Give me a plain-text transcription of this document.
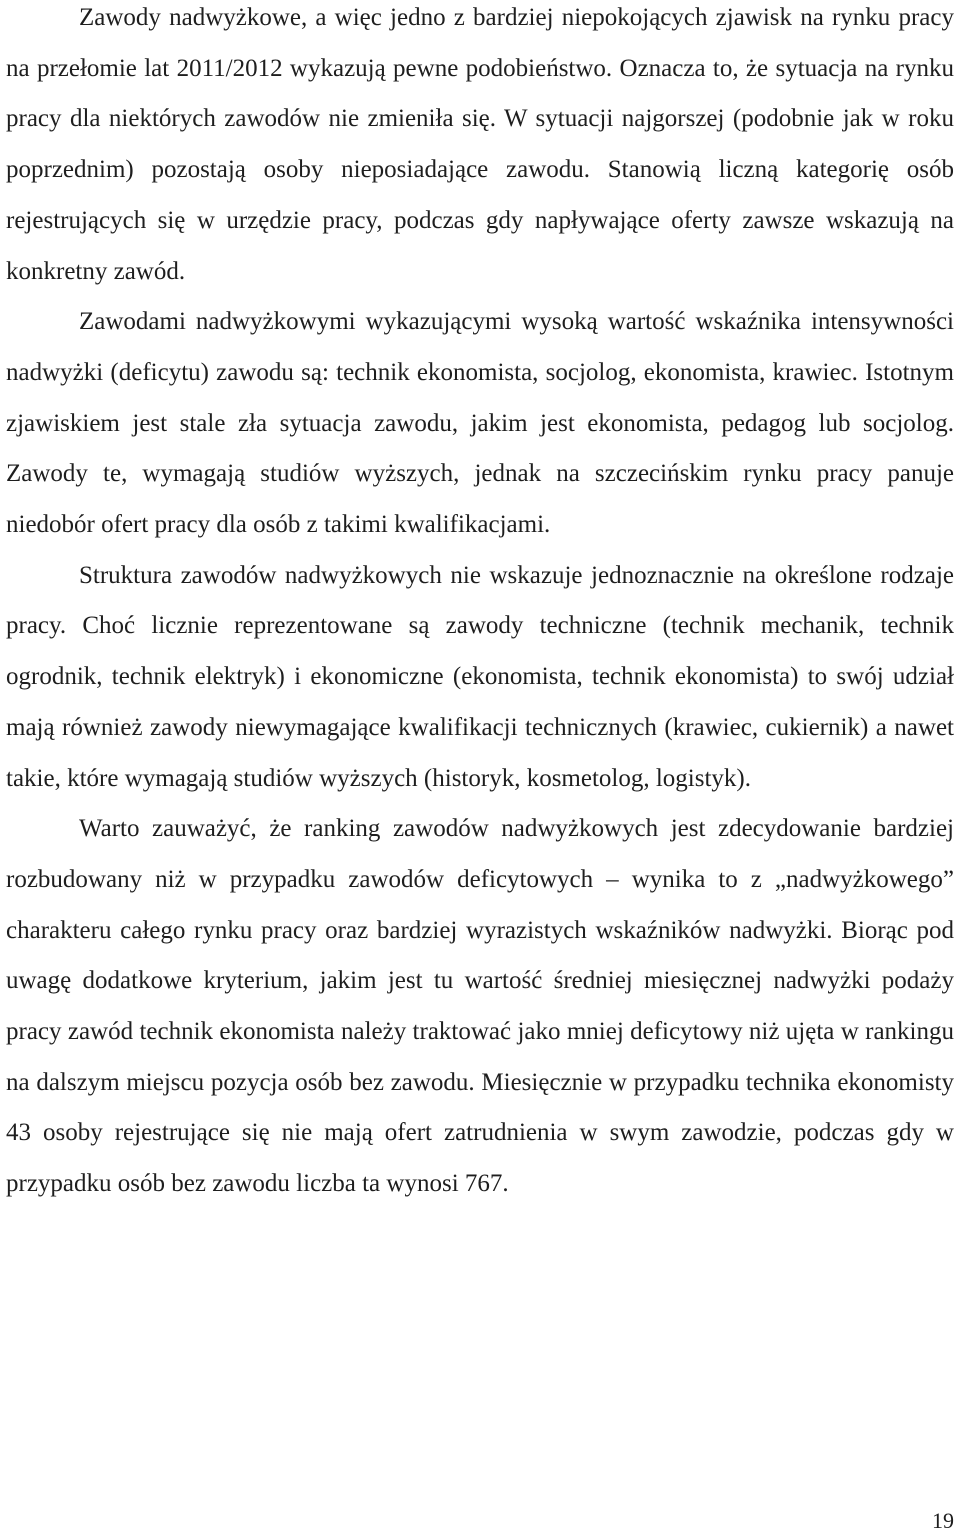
Zawody nadwyżkowe, a więc jedno z bardziej niepokojących zjawisk na rynku pracy na przełomie lat 2011/2012 wykazują pewne podobieństwo. Oznacza to, że sytuacja na rynku pracy dla niektórych zawodów nie zmieniła się. W sytuacji najgorszej (podobnie jak w roku poprzednim) pozostają osoby nieposiadające zawodu. Stanowią liczną kategorię osób rejestrujących się w urzędzie pracy, podczas gdy napływające oferty zawsze wskazują na konkretny zawód.

Zawodami nadwyżkowymi wykazującymi wysoką wartość wskaźnika intensywności nadwyżki (deficytu) zawodu są: technik ekonomista, socjolog, ekonomista, krawiec. Istotnym zjawiskiem jest stale zła sytuacja zawodu, jakim jest ekonomista, pedagog lub socjolog. Zawody te, wymagają studiów wyższych, jednak na szczecińskim rynku pracy panuje niedobór ofert pracy dla osób z takimi kwalifikacjami.

Struktura zawodów nadwyżkowych nie wskazuje jednoznacznie na określone rodzaje pracy. Choć licznie reprezentowane są zawody techniczne (technik mechanik, technik ogrodnik, technik elektryk) i ekonomiczne (ekonomista, technik ekonomista) to swój udział mają również zawody niewymagające kwalifikacji technicznych (krawiec, cukiernik) a nawet takie, które wymagają studiów wyższych (historyk, kosmetolog, logistyk).

Warto zauważyć, że ranking zawodów nadwyżkowych jest zdecydowanie bardziej rozbudowany niż w przypadku zawodów deficytowych – wynika to z „nadwyżkowego” charakteru całego rynku pracy oraz bardziej wyrazistych wskaźników nadwyżki. Biorąc pod uwagę dodatkowe kryterium, jakim jest tu wartość średniej miesięcznej nadwyżki podaży pracy zawód technik ekonomista należy traktować jako mniej deficytowy niż ujęta w rankingu na dalszym miejscu pozycja osób bez zawodu. Miesięcznie w przypadku technika ekonomisty 43 osoby rejestrujące się nie mają ofert zatrudnienia w swym zawodzie, podczas gdy w przypadku osób bez zawodu liczba ta wynosi 767.

19
